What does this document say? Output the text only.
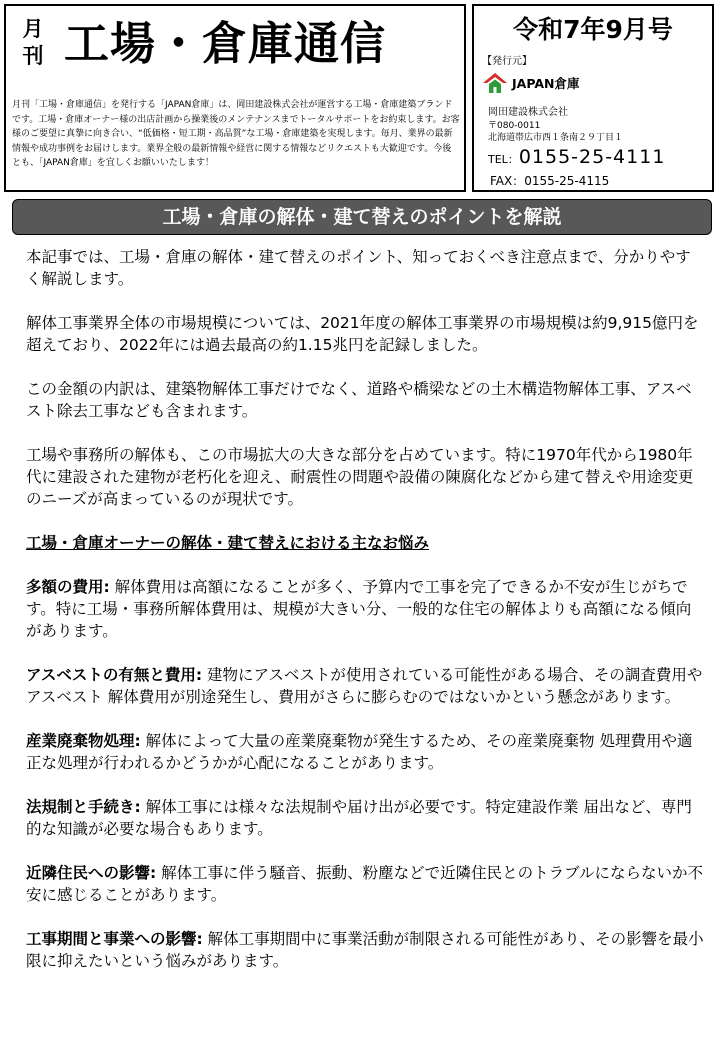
月
刊 工場・倉庫通信

月刊「工場・倉庫通信」を発行する「JAPAN倉庫」は、岡田建設株式会社が運営する工場・倉庫建築ブランドです。工場・倉庫オーナー様の出店計画から操業後のメンテナンスまでトータルサポートをお約束します。お客様のご要望に真摯に向き合い、“低価格・短工期・高品質”な工場・倉庫建築を実現します。毎月、業界の最新情報や成功事例をお届けします。業界全般の最新情報や経営に関する情報などリクエストも大歓迎です。今後とも、「JAPAN倉庫」を宜しくお願いいたします！

令和7年9月号
【発行元】
JAPAN倉庫
岡田建設株式会社
〒080-0011
北海道帯広市西１条南２９丁目１
TEL：0155-25-4111
FAX：0155-25-4115
工場・倉庫の解体・建て替えのポイントを解説

本記事では、工場・倉庫の解体・建て替えのポイント、知っておくべき注意点まで、分かりやすく解説します。

解体工事業界全体の市場規模については、2021年度の解体工事業界の市場規模は約9,915億円を超えており、2022年には過去最高の約1.15兆円を記録しました。

この金額の内訳は、建築物解体工事だけでなく、道路や橋梁などの土木構造物解体工事、アスベスト除去工事なども含まれます。

工場や事務所の解体も、この市場拡大の大きな部分を占めています。特に1970年代から1980年代に建設された建物が老朽化を迎え、耐震性の問題や設備の陳腐化などから建て替えや用途変更のニーズが高まっているのが現状です。

工場・倉庫オーナーの解体・建て替えにおける主なお悩み

多額の費用: 解体費用は高額になることが多く、予算内で工事を完了できるか不安が生じがちです。特に工場・事務所解体費用は、規模が大きい分、一般的な住宅の解体よりも高額になる傾向があります。

アスベストの有無と費用: 建物にアスベストが使用されている可能性がある場合、その調査費用やアスベスト 解体費用が別途発生し、費用がさらに膨らむのではないかという懸念があります。

産業廃棄物処理: 解体によって大量の産業廃棄物が発生するため、その産業廃棄物 処理費用や適正な処理が行われるかどうかが心配になることがあります。

法規制と手続き: 解体工事には様々な法規制や届け出が必要です。特定建設作業 届出など、専門的な知識が必要な場合もあります。

近隣住民への影響: 解体工事に伴う騒音、振動、粉塵などで近隣住民とのトラブルにならないか不安に感じることがあります。

工事期間と事業への影響: 解体工事期間中に事業活動が制限される可能性があり、その影響を最小限に抑えたいという悩みがあります。
